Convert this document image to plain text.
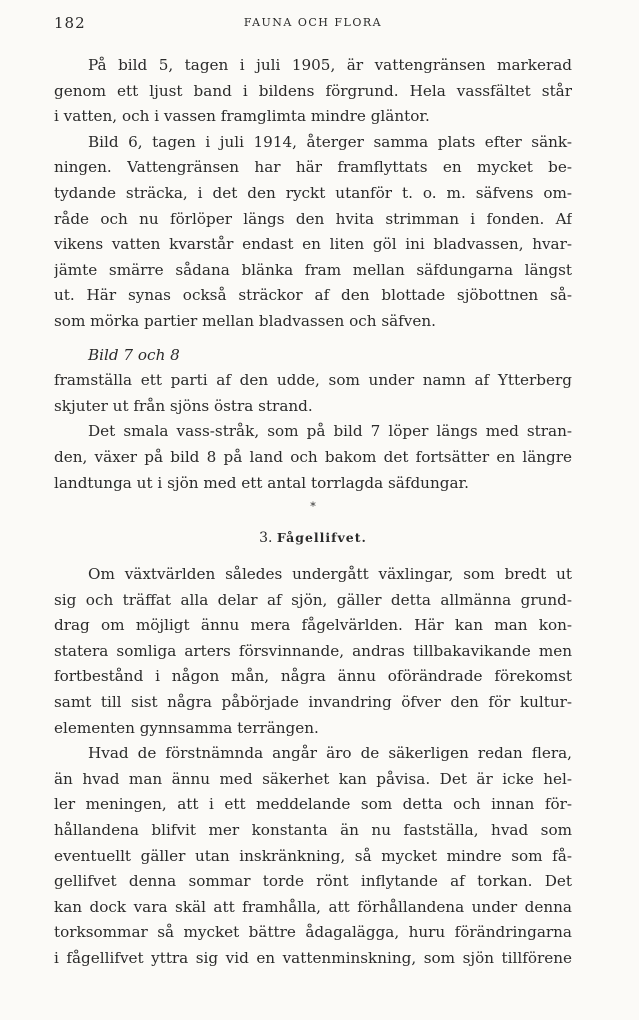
182	FAUNA OCH FLORA
På bild 5, tagen i juli 1905, är vattengränsen markerad
genom ett ljust band i bildens förgrund. Hela vassfältet står
i vatten, och i vassen framglimta mindre gläntor.
Bild 6, tagen i juli 1914, återger samma plats efter sänk-
ningen. Vattengränsen har här framflyttats en mycket be-
tydande sträcka, i det den ryckt utanför t. o. m. säfvens om-
råde och nu förlöper längs den hvita strimman i fonden. Af
vikens vatten kvarstår endast en liten göl ini bladvassen, hvar-
jämte smärre sådana blänka fram mellan säfdungarna längst
ut. Här synas också sträckor af den blottade sjöbottnen så-
som mörka partier mellan bladvassen och säfven.
Bild 7 och 8
framställa ett parti af den udde, som under namn af Ytterberg
skjuter ut från sjöns östra strand.
Det smala vass-stråk, som på bild 7 löper längs med stran-
den, växer på bild 8 på land och bakom det fortsätter en längre
landtunga ut i sjön med ett antal torrlagda säfdungar.
*
3. Fågellifvet.
Om växtvärlden således undergått växlingar, som bredt ut
sig och träffat alla delar af sjön, gäller detta allmänna grund-
drag om möjligt ännu mera fågelvärlden. Här kan man kon-
statera somliga arters försvinnande, andras tillbakavikande men
fortbestånd i någon mån, några ännu oförändrade förekomst
samt till sist några påbörjade invandring öfver den för kultur-
elementen gynnsamma terrängen.
Hvad de förstnämnda angår äro de säkerligen redan flera,
än hvad man ännu med säkerhet kan påvisa. Det är icke hel-
ler meningen, att i ett meddelande som detta och innan för-
hållandena blifvit mer konstanta än nu fastställa, hvad som
eventuellt gäller utan inskränkning, så mycket mindre som få-
gellifvet denna sommar torde rönt inflytande af torkan. Det
kan dock vara skäl att framhålla, att förhållandena under denna
torksommar så mycket bättre ådagalägga, huru förändringarna
i fågellifvet yttra sig vid en vattenminskning, som sjön tillförene
